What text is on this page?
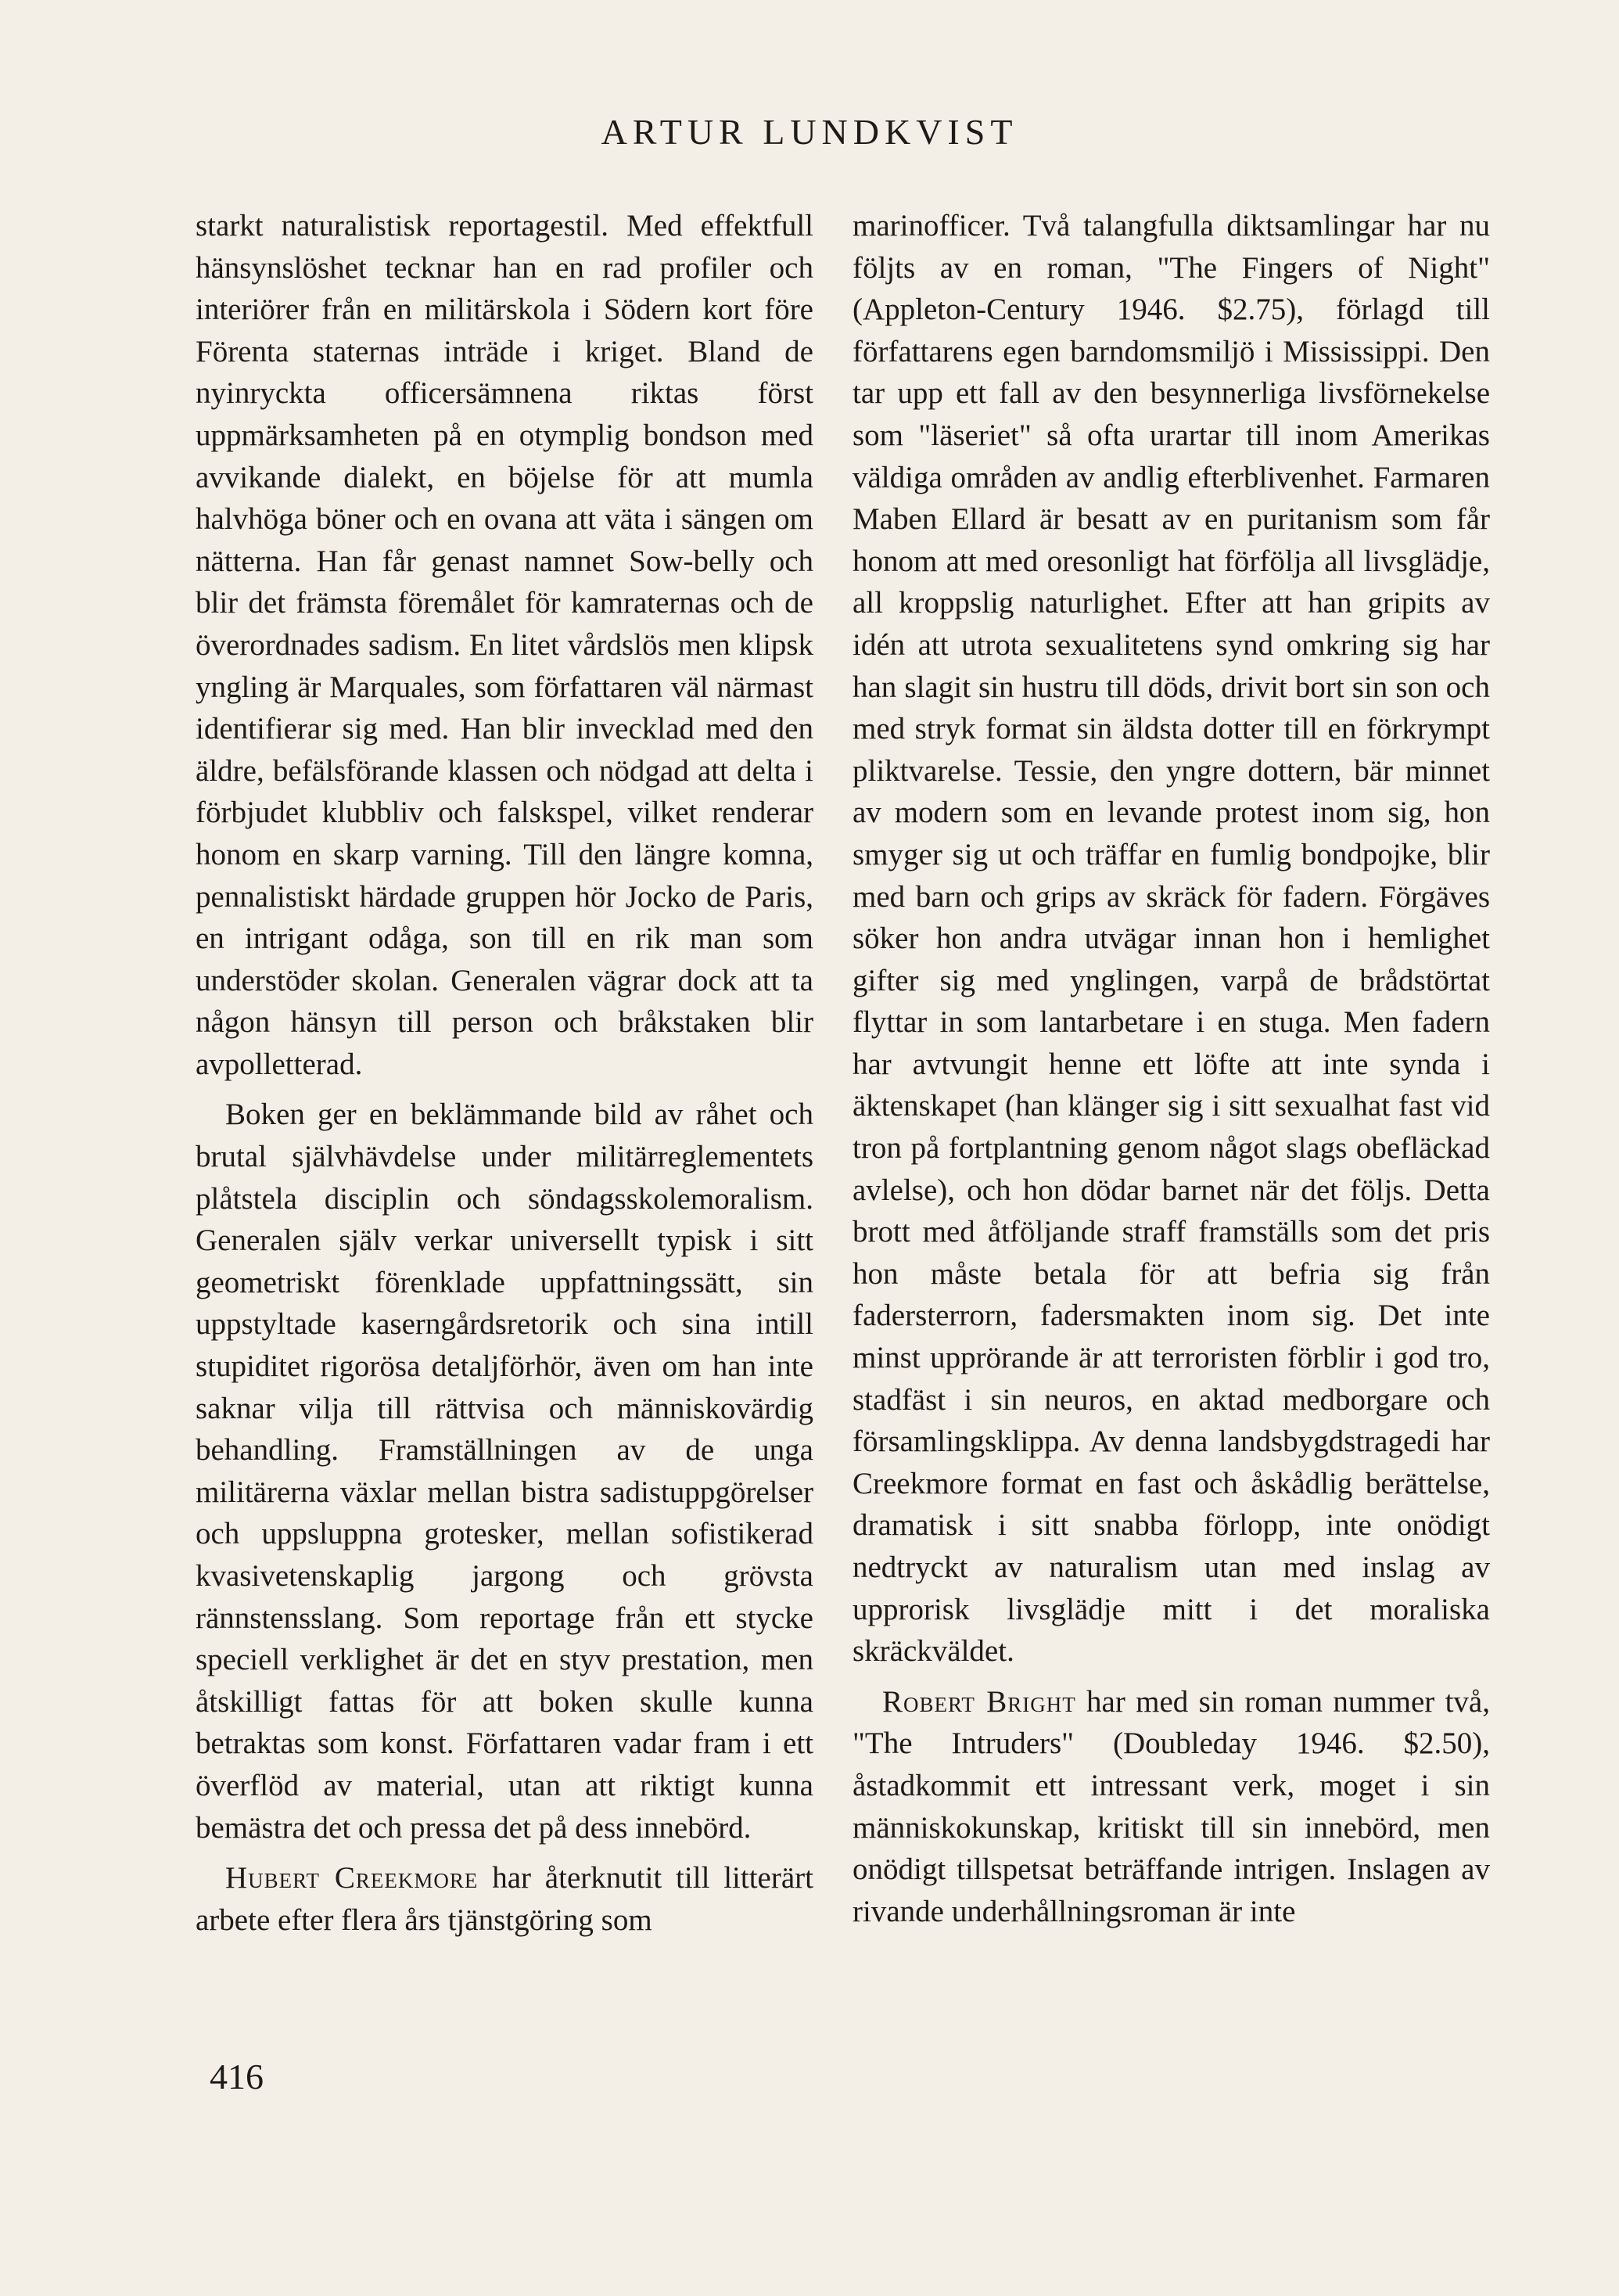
ARTUR LUNDKVIST

starkt naturalistisk reportagestil. Med effektfull hänsynslöshet tecknar han en rad profiler och interiörer från en militärskola i Södern kort före Förenta staternas inträde i kriget. Bland de nyinryckta officersämnena riktas först uppmärksamheten på en otymplig bondson med avvikande dialekt, en böjelse för att mumla halvhöga böner och en ovana att väta i sängen om nätterna. Han får genast namnet Sow-belly och blir det främsta föremålet för kamraternas och de överordnades sadism. En litet vårdslös men klipsk yngling är Marquales, som författaren väl närmast identifierar sig med. Han blir invecklad med den äldre, befälsförande klassen och nödgad att delta i förbjudet klubbliv och falskspel, vilket renderar honom en skarp varning. Till den längre komna, pennalistiskt härdade gruppen hör Jocko de Paris, en intrigant odåga, son till en rik man som understöder skolan. Generalen vägrar dock att ta någon hänsyn till person och bråkstaken blir avpolletterad.

Boken ger en beklämmande bild av råhet och brutal självhävdelse under militärreglementets plåtstela disciplin och söndagsskolemoralism. Generalen själv verkar universellt typisk i sitt geometriskt förenklade uppfattningssätt, sin uppstyltade kaserngårdsretorik och sina intill stupiditet rigorösa detaljförhör, även om han inte saknar vilja till rättvisa och människovärdig behandling. Framställningen av de unga militärerna växlar mellan bistra sadistuppgörelser och uppsluppna grotesker, mellan sofistikerad kvasivetenskaplig jargong och grövsta rännstensslang. Som reportage från ett stycke speciell verklighet är det en styv prestation, men åtskilligt fattas för att boken skulle kunna betraktas som konst. Författaren vadar fram i ett överflöd av material, utan att riktigt kunna bemästra det och pressa det på dess innebörd.

Hubert Creekmore har återknutit till litterärt arbete efter flera års tjänstgöring som

marinofficer. Två talangfulla diktsamlingar har nu följts av en roman, "The Fingers of Night" (Appleton-Century 1946. $2.75), förlagd till författarens egen barndomsmiljö i Mississippi. Den tar upp ett fall av den besynnerliga livsförnekelse som "läseriet" så ofta urartar till inom Amerikas väldiga områden av andlig efterblivenhet. Farmaren Maben Ellard är besatt av en puritanism som får honom att med oresonligt hat förfölja all livsglädje, all kroppslig naturlighet. Efter att han gripits av idén att utrota sexualitetens synd omkring sig har han slagit sin hustru till döds, drivit bort sin son och med stryk format sin äldsta dotter till en förkrympt pliktvarelse. Tessie, den yngre dottern, bär minnet av modern som en levande protest inom sig, hon smyger sig ut och träffar en fumlig bondpojke, blir med barn och grips av skräck för fadern. Förgäves söker hon andra utvägar innan hon i hemlighet gifter sig med ynglingen, varpå de brådstörtat flyttar in som lantarbetare i en stuga. Men fadern har avtvungit henne ett löfte att inte synda i äktenskapet (han klänger sig i sitt sexualhat fast vid tron på fortplantning genom något slags obefläckad avlelse), och hon dödar barnet när det följs. Detta brott med åtföljande straff framställs som det pris hon måste betala för att befria sig från fadersterrorn, fadersmakten inom sig. Det inte minst upprörande är att terroristen förblir i god tro, stadfäst i sin neuros, en aktad medborgare och församlingsklippa. Av denna landsbygdstragedi har Creekmore format en fast och åskådlig berättelse, dramatisk i sitt snabba förlopp, inte onödigt nedtryckt av naturalism utan med inslag av upprorisk livsglädje mitt i det moraliska skräckväldet.

Robert Bright har med sin roman nummer två, "The Intruders" (Doubleday 1946. $2.50), åstadkommit ett intressant verk, moget i sin människokunskap, kritiskt till sin innebörd, men onödigt tillspetsat beträffande intrigen. Inslagen av rivande underhållningsroman är inte

416
